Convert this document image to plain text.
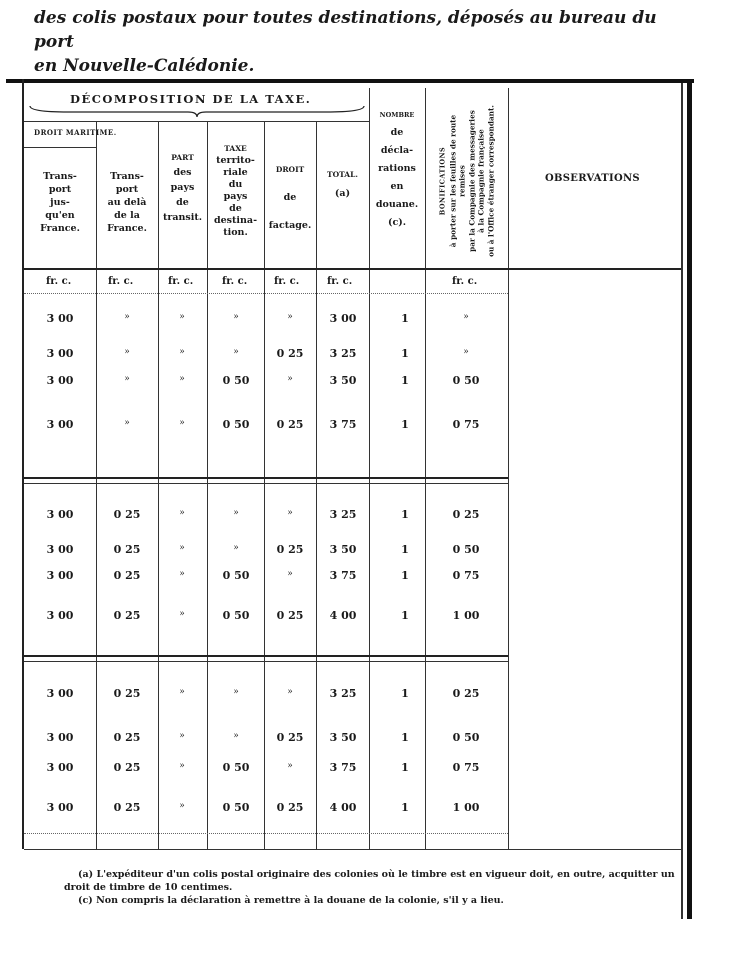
des colis postaux pour toutes destinations, déposés au bureau du port
en Nouvelle-Calédonie.
DÉCOMPOSITION DE LA TAXE.
DROIT MARITIME.
Trans-
port
jus-
qu'en
France.
Trans-
port
au delà
de la
France.
PART
des
pays
de
transit.
TAXE
territo-
riale
du
pays
de
destina-
tion.
DROIT
de
factage.
TOTAL.
(a)
NOMBRE
de
décla-
rations
en
douane.
(c).
BONIFICATIONS à porter sur les feuilles de route remises par la Compagnie des messageries à la Compagnie française ou à l'Office étranger correspondant.	OBSERVATIONS
fr. c.	fr. c.	fr. c.	fr. c.	fr. c.	fr. c.	fr. c.
3 00	»	»	»	»	3 00	1	»
3 00	»	»	»	0 25	3 25	1	»
3 00	»	»	0 50	»	3 50	1	0 50
3 00	»	»	0 50	0 25	3 75	1	0 75
3 00	0 25	»	»	»	3 25	1	0 25
3 00	0 25	»	»	0 25	3 50	1	0 50
3 00	0 25	»	0 50	»	3 75	1	0 75
3 00	0 25	»	0 50	0 25	4 00	1	1 00
3 00	0 25	»	»	»	3 25	1	0 25
3 00	0 25	»	»	0 25	3 50	1	0 50
3 00	0 25	»	0 50	»	3 75	1	0 75
3 00	0 25	»	0 50	0 25	4 00	1	1 00
(a) L'expéditeur d'un colis postal originaire des colonies où le timbre est en vigueur doit, en outre, acquitter un droit de timbre de 10 centimes.
(c) Non compris la déclaration à remettre à la douane de la colonie, s'il y a lieu.
